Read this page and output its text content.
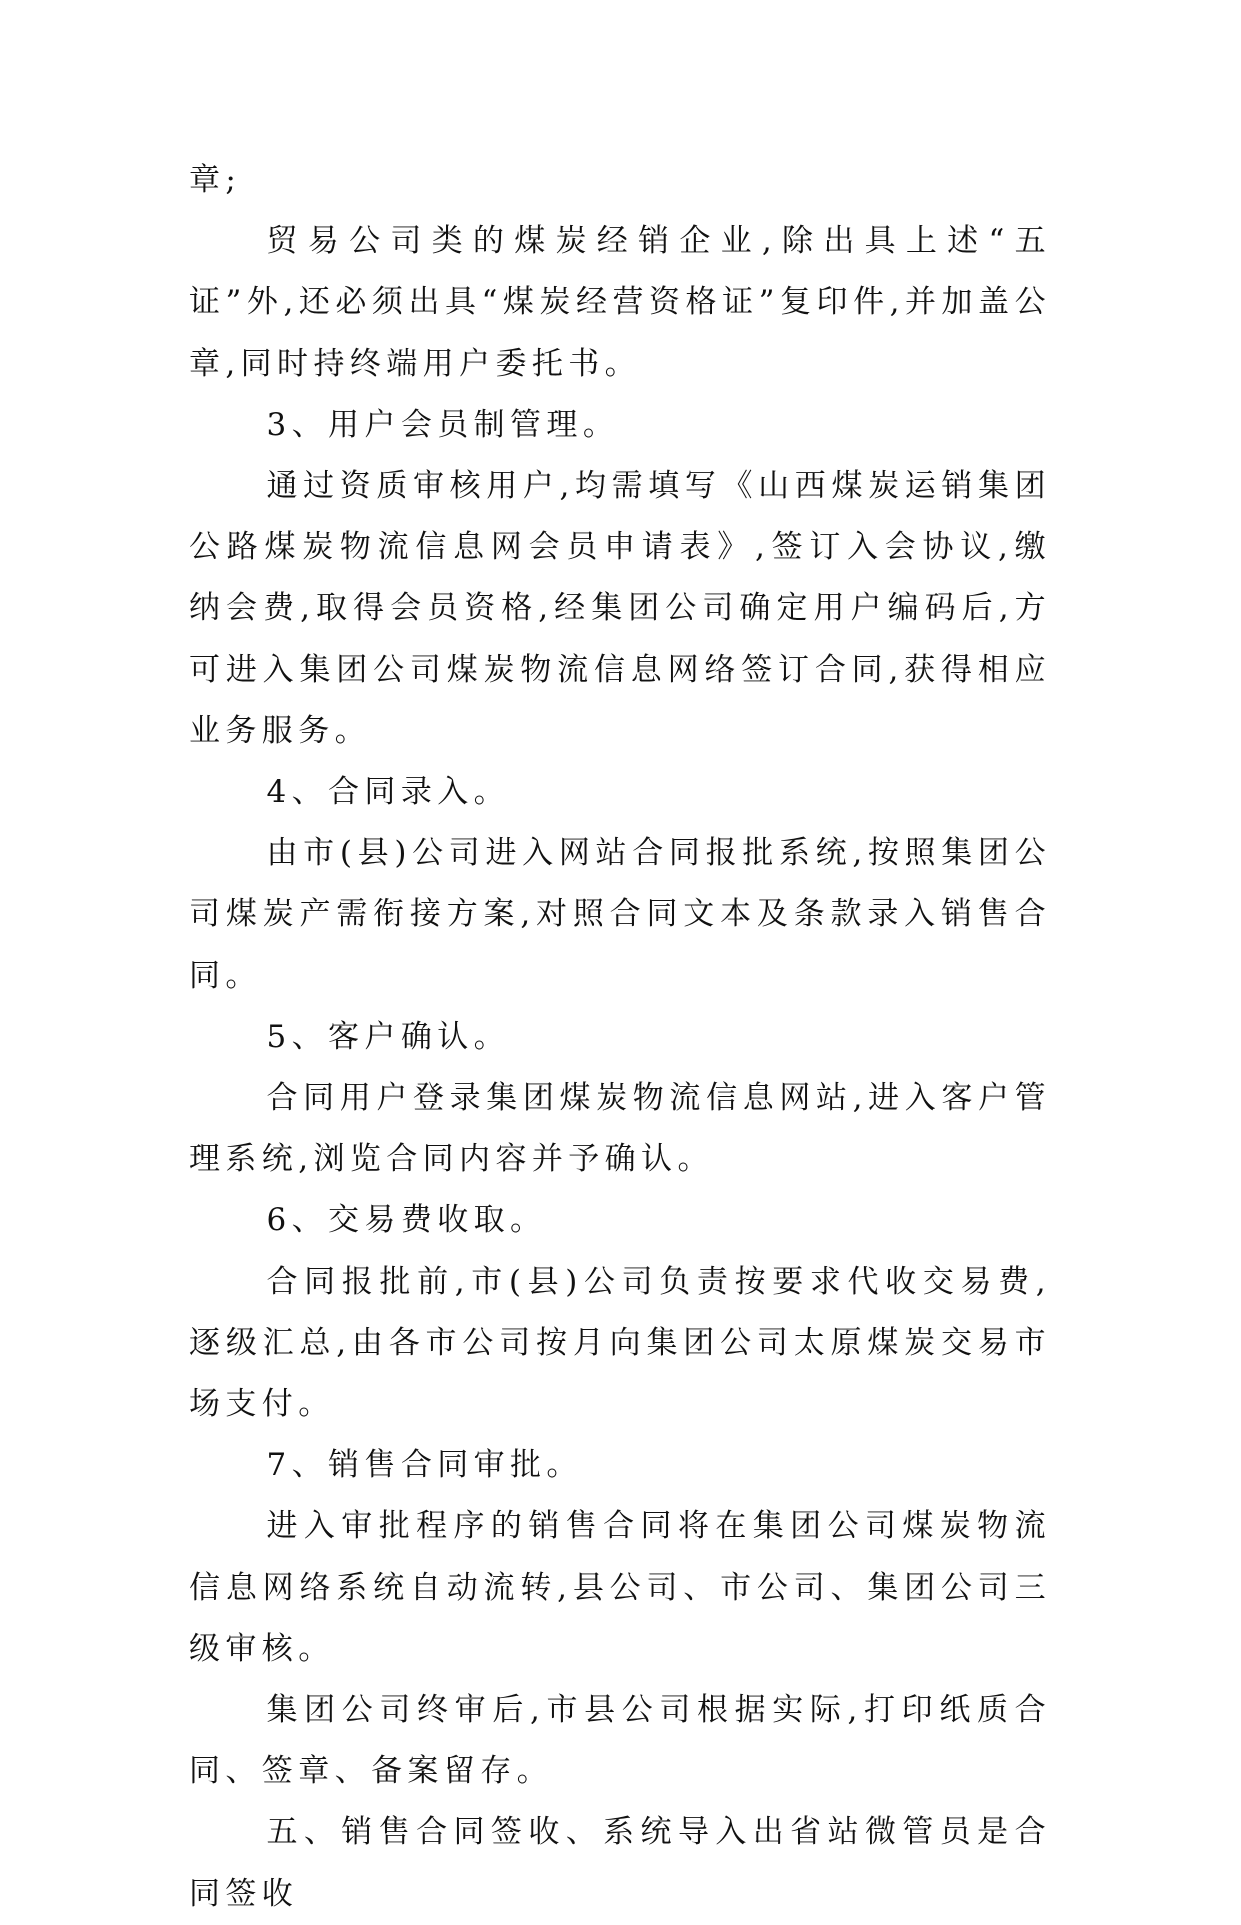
章;

贸易公司类的煤炭经销企业,除出具上述“五证”外,还必须出具“煤炭经营资格证”复印件,并加盖公章,同时持终端用户委托书。

3、用户会员制管理。

通过资质审核用户,均需填写《山西煤炭运销集团公路煤炭物流信息网会员申请表》,签订入会协议,缴纳会费,取得会员资格,经集团公司确定用户编码后,方可进入集团公司煤炭物流信息网络签订合同,获得相应业务服务。

4、合同录入。

由市(县)公司进入网站合同报批系统,按照集团公司煤炭产需衔接方案,对照合同文本及条款录入销售合同。

5、客户确认。

合同用户登录集团煤炭物流信息网站,进入客户管理系统,浏览合同内容并予确认。

6、交易费收取。

合同报批前,市(县)公司负责按要求代收交易费,逐级汇总,由各市公司按月向集团公司太原煤炭交易市场支付。

7、销售合同审批。

进入审批程序的销售合同将在集团公司煤炭物流信息网络系统自动流转,县公司、市公司、集团公司三级审核。

集团公司终审后,市县公司根据实际,打印纸质合同、签章、备案留存。

五、销售合同签收、系统导入出省站微管员是合同签收
